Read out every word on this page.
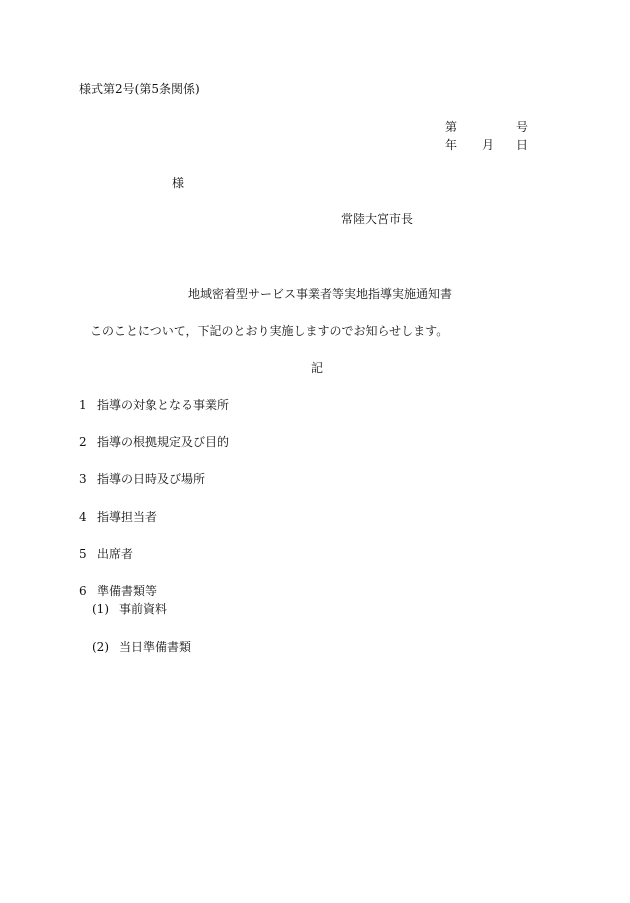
様式第2号(第5条関係)
第	号
年 月 日
様
常陸大宮市長
地域密着型サービス事業者等実地指導実施通知書
このことについて，下記のとおり実施しますのでお知らせします。
記
1 指導の対象となる事業所
2 指導の根拠規定及び目的
3 指導の日時及び場所
4 指導担当者
5 出席者
6 準備書類等
(1) 事前資料
(2) 当日準備書類
